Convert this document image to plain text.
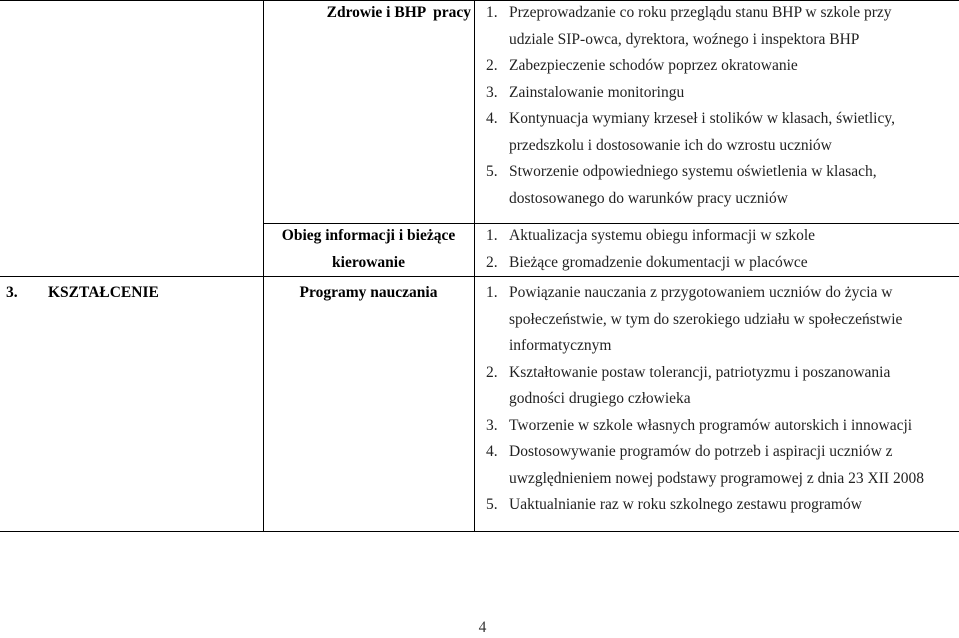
Zdrowie i BHP  pracy 1. Przeprowadzanie co roku przeglądu stanu BHP w szkole przy
udziale SIP-owca, dyrektora, woźnego i inspektora BHP
2. Zabezpieczenie schodów poprzez okratowanie
3. Zainstalowanie monitoringu
4. Kontynuacja wymiany krzeseł i stolików w klasach, świetlicy,
przedszkolu i dostosowanie ich do wzrostu uczniów
5. Stworzenie odpowiedniego systemu oświetlenia w klasach,
dostosowanego do warunków pracy uczniów
Obieg informacji i bieżące
kierowanie
1. Aktualizacja systemu obiegu informacji w szkole
2. Bieżące gromadzenie dokumentacji w placówce
3. KSZTAŁCENIE	Programy nauczania	1. Powiązanie nauczania z przygotowaniem uczniów do życia w
społeczeństwie, w tym do szerokiego udziału w społeczeństwie
informatycznym
2. Kształtowanie postaw tolerancji, patriotyzmu i poszanowania
godności drugiego człowieka
3. Tworzenie w szkole własnych programów autorskich i innowacji
4. Dostosowywanie programów do potrzeb i aspiracji uczniów z
uwzględnieniem nowej podstawy programowej z dnia 23 XII 2008
5. Uaktualnianie raz w roku szkolnego zestawu programów
4
